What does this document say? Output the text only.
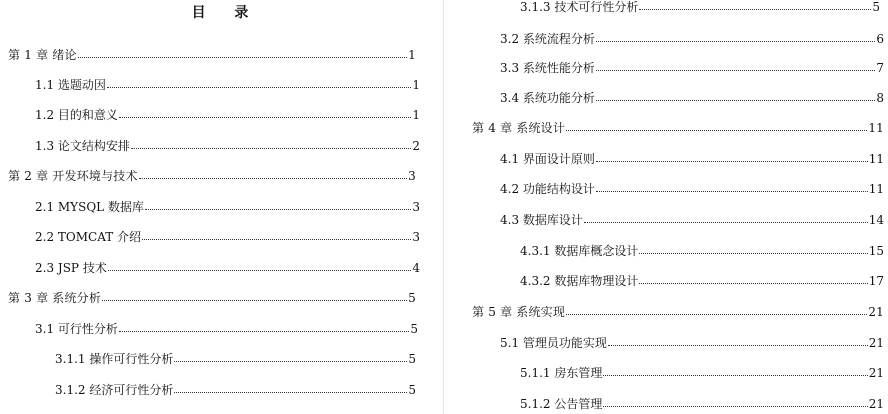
目 录
第 1 章 绪论	1
1.1 选题动因	1
1.2 目的和意义	1
1.3 论文结构安排	2
第 2 章 开发环境与技术	3
2.1 MYSQL 数据库	3
2.2 TOMCAT 介绍	3
2.3 JSP 技术	4
第 3 章 系统分析	5
3.1 可行性分析	5
3.1.1 操作可行性分析	5
3.1.2 经济可行性分析	5
3.1.3 技术可行性分析	5
3.2 系统流程分析	6
3.3 系统性能分析	7
3.4 系统功能分析	8
第 4 章 系统设计	11
4.1 界面设计原则	11
4.2 功能结构设计	11
4.3 数据库设计	14
4.3.1 数据库概念设计	15
4.3.2 数据库物理设计	17
第 5 章 系统实现	21
5.1 管理员功能实现	21
5.1.1 房东管理	21
5.1.2 公告管理	21
